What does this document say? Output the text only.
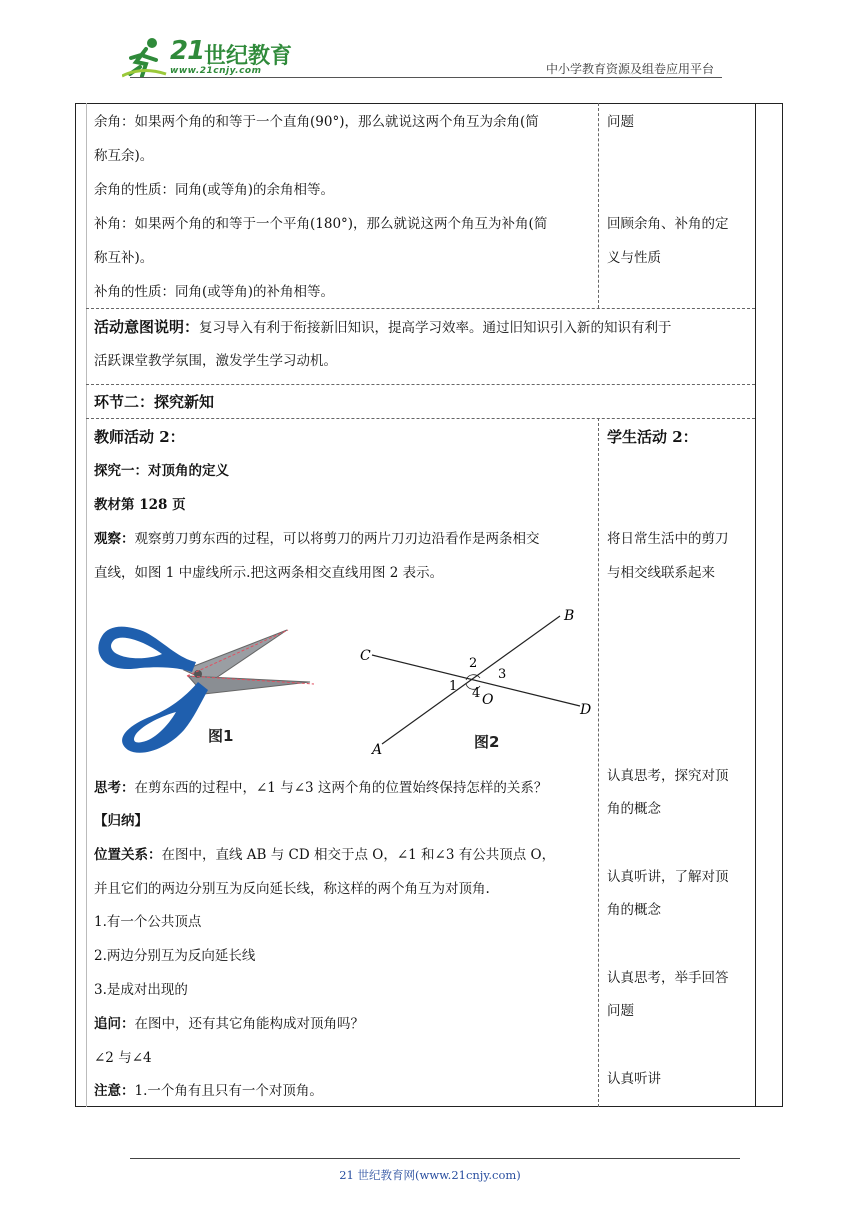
21 世纪教育
www.21cnjy.com	中小学教育资源及组卷应用平台
余角：如果两个角的和等于一个直角(90°)，那么就说这两个角互为余角(简
称互余)。
余角的性质：同角(或等角)的余角相等。
补角：如果两个角的和等于一个平角(180°)，那么就说这两个角互为补角(简
称互补)。
补角的性质：同角(或等角)的补角相等。
问题
回顾余角、补角的定
义与性质
活动意图说明：复习导入有利于衔接新旧知识，提高学习效率。通过旧知识引入新的知识有利于
活跃课堂教学氛围，激发学生学习动机。
环节二：探究新知
教师活动 2：
探究一：对顶角的定义
教材第 128 页
观察：观察剪刀剪东西的过程，可以将剪刀的两片刀刃边沿看作是两条相交
直线，如图 1 中虚线所示.把这两条相交直线用图 2 表示。
图1
A
B
C
D
O
1
2
3
4
图2
思考：在剪东西的过程中，∠1 与∠3 这两个角的位置始终保持怎样的关系？
【归纳】
位置关系：在图中，直线 AB 与 CD 相交于点 O，∠1 和∠3 有公共顶点 O，
并且它们的两边分别互为反向延长线，称这样的两个角互为对顶角.
1.有一个公共顶点
2.两边分别互为反向延长线
3.是成对出现的
追问：在图中，还有其它角能构成对顶角吗？
∠2 与∠4
注意：1.一个角有且只有一个对顶角。
学生活动 2：
将日常生活中的剪刀
与相交线联系起来
认真思考，探究对顶
角的概念
认真听讲，了解对顶
角的概念
认真思考，举手回答
问题
认真听讲
21 世纪教育网(www.21cnjy.com)
